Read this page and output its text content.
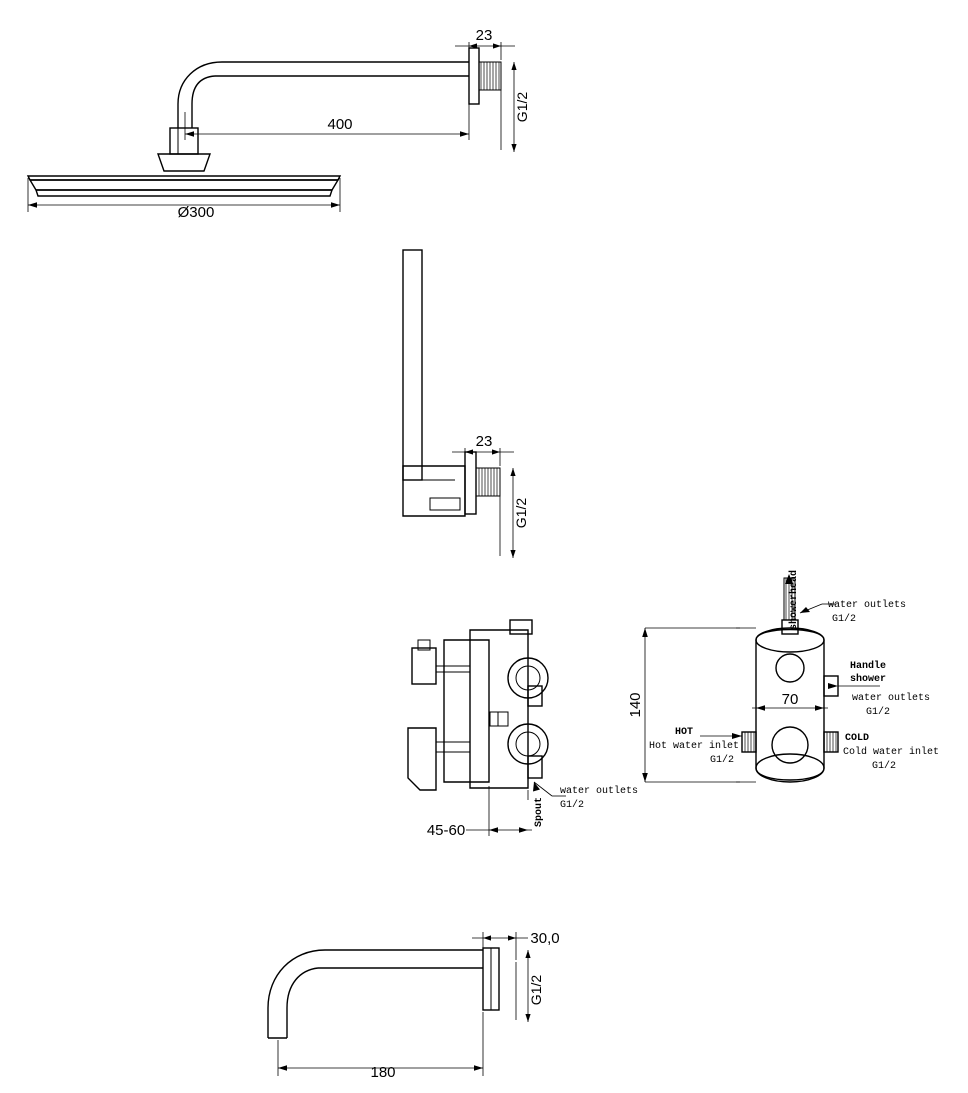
23
G1/2
400
Ø300
23
G1/2
water outlets
G1/2
Spout
45-60
showerhead	water outlets
G1/2
Handle
shower
water outlets
G1/2
COLD
Cold water inlet
G1/2
HOT
Hot water inlet
G1/2
140	70
30,0
G1/2
180
